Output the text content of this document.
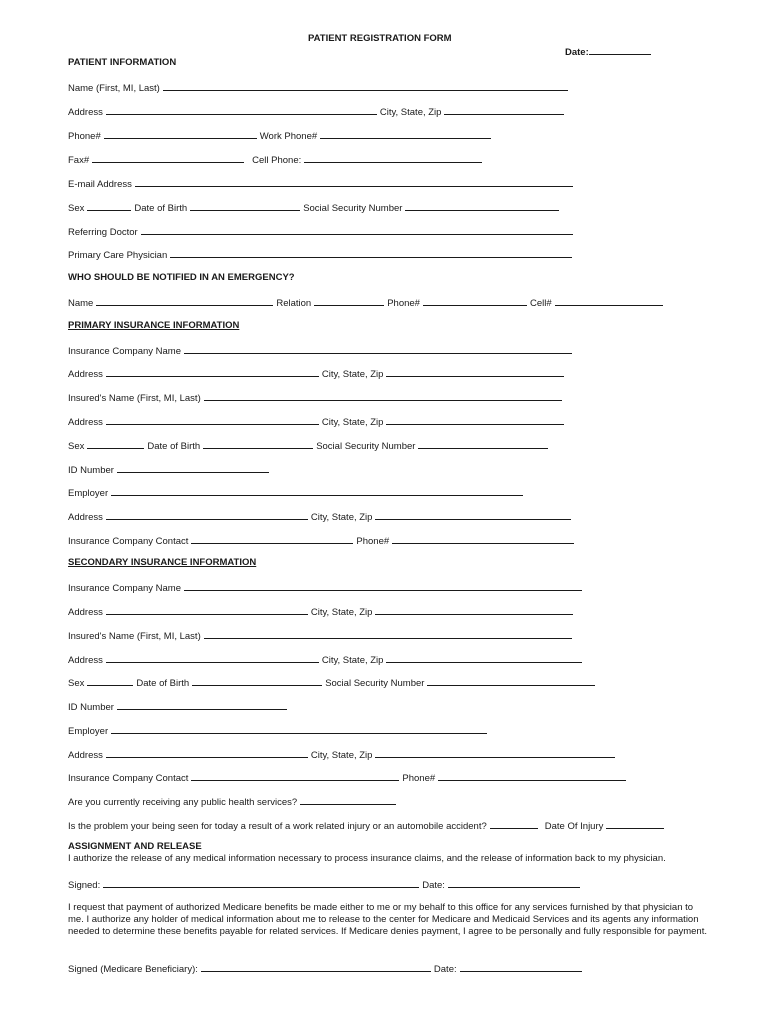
PATIENT REGISTRATION FORM
Date:
PATIENT INFORMATION
Name (First, MI, Last)
Address	City, State, Zip
Phone#	Work Phone#
Fax#	Cell Phone:
E-mail Address
Sex	Date of Birth	Social Security Number
Referring Doctor
Primary Care Physician
WHO SHOULD BE NOTIFIED IN AN EMERGENCY?
Name	Relation	Phone#	Cell#
PRIMARY INSURANCE INFORMATION
Insurance Company Name
Address	City, State, Zip
Insured's Name (First, MI, Last)
Address	City, State, Zip
Sex	Date of Birth	Social Security Number
ID Number
Employer
Address	City, State, Zip
Insurance Company Contact	Phone#
SECONDARY INSURANCE INFORMATION
Insurance Company Name
Address	City, State, Zip
Insured's Name (First, MI, Last)
Address	City, State, Zip
Sex	Date of Birth	Social Security Number
ID Number
Employer
Address	City, State, Zip
Insurance Company Contact	Phone#
Are you currently receiving any public health services?
Is the problem your being seen for today a result of a work related injury or an automobile accident?	Date Of Injury
ASSIGNMENT AND RELEASE
I authorize the release of any medical information necessary to process insurance claims, and the release of information back to my physician.
Signed:	Date:
I request that payment of authorized Medicare benefits be made either to me or my behalf to this office for any services furnished by that physician to me. I authorize any holder of medical information about me to release to the center for Medicare and Medicaid Services and its agents any information needed to determine these benefits payable for related services. If Medicare denies payment, I agree to be personally and fully responsible for payment.
Signed (Medicare Beneficiary):	Date:
